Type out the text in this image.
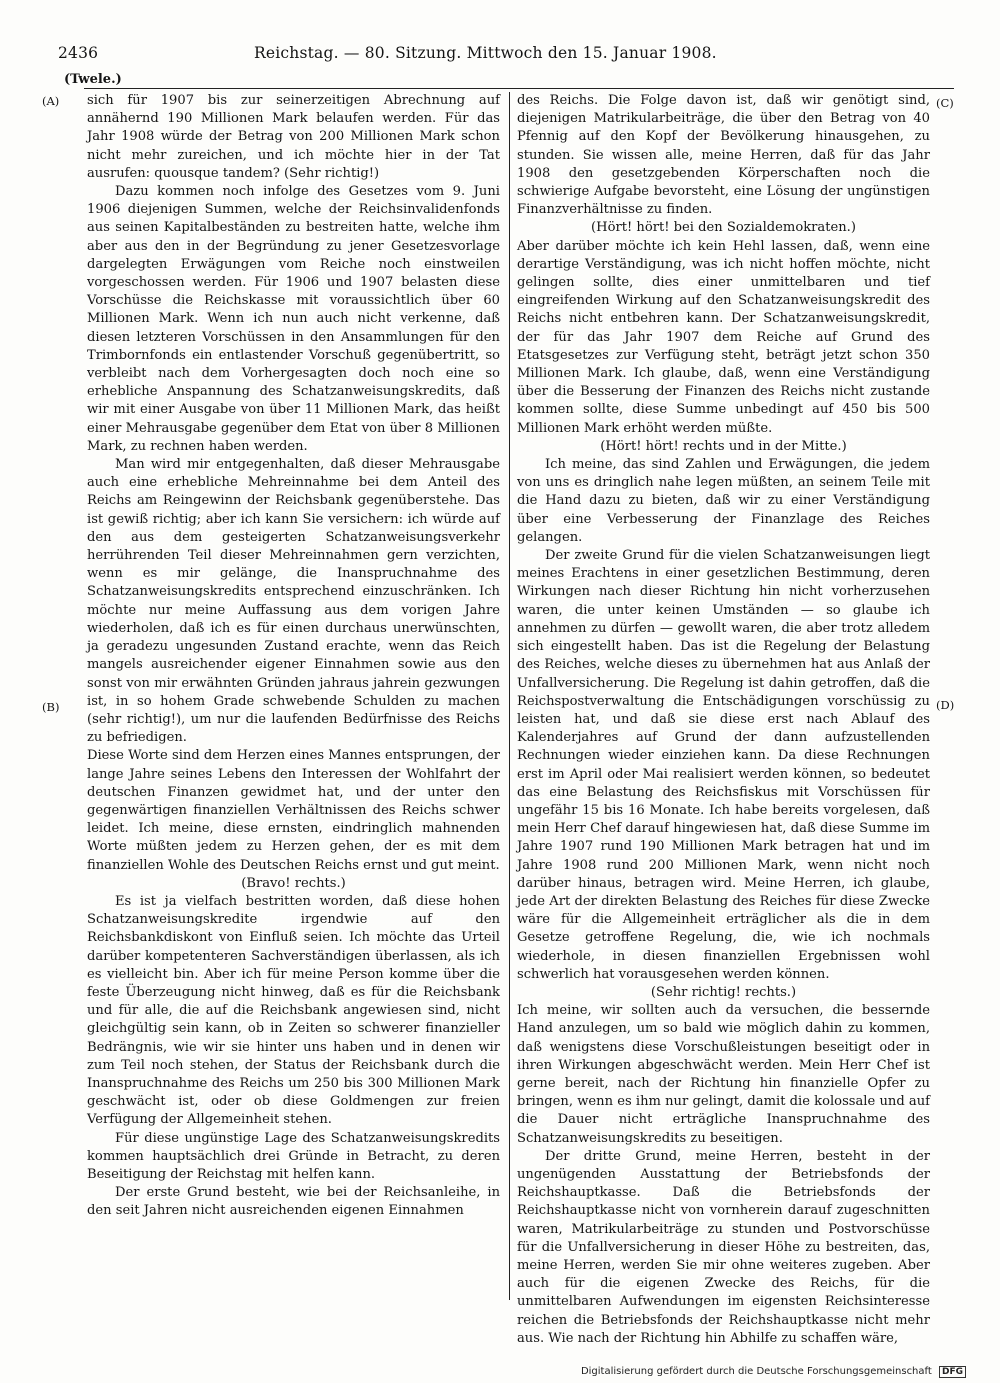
2436	Reichstag. — 80. Sitzung. Mittwoch den 15. Januar 1908.
(Twele.)
(A)
(B)
(C)
(D)

sich für 1907 bis zur seinerzeitigen Abrechnung auf annähernd 190 Millionen Mark belaufen werden. Für das Jahr 1908 würde der Betrag von 200 Millionen Mark schon nicht mehr zureichen, und ich möchte hier in der Tat ausrufen: quousque tandem? (Sehr richtig!)

Dazu kommen noch infolge des Gesetzes vom 9. Juni 1906 diejenigen Summen, welche der Reichsinvalidenfonds aus seinen Kapitalbeständen zu bestreiten hatte, welche ihm aber aus den in der Begründung zu jener Gesetzesvorlage dargelegten Erwägungen vom Reiche noch einstweilen vorgeschossen werden. Für 1906 und 1907 belasten diese Vorschüsse die Reichskasse mit voraussichtlich über 60 Millionen Mark. Wenn ich nun auch nicht verkenne, daß diesen letzteren Vorschüssen in den Ansammlungen für den Trimbornfonds ein entlastender Vorschuß gegenübertritt, so verbleibt nach dem Vorhergesagten doch noch eine so erhebliche Anspannung des Schatzanweisungskredits, daß wir mit einer Ausgabe von über 11 Millionen Mark, das heißt einer Mehrausgabe gegenüber dem Etat von über 8 Millionen Mark, zu rechnen haben werden.

Man wird mir entgegenhalten, daß dieser Mehrausgabe auch eine erhebliche Mehreinnahme bei dem Anteil des Reichs am Reingewinn der Reichsbank gegenüberstehe. Das ist gewiß richtig; aber ich kann Sie versichern: ich würde auf den aus dem gesteigerten Schatzanweisungsverkehr herrührenden Teil dieser Mehreinnahmen gern verzichten, wenn es mir gelänge, die Inanspruchnahme des Schatzanweisungskredits entsprechend einzuschränken. Ich möchte nur meine Auffassung aus dem vorigen Jahre wiederholen, daß ich es für einen durchaus unerwünschten, ja geradezu ungesunden Zustand erachte, wenn das Reich mangels ausreichender eigener Einnahmen sowie aus den sonst von mir erwähnten Gründen jahraus jahrein gezwungen ist, in so hohem Grade schwebende Schulden zu machen (sehr richtig!), um nur die laufenden Bedürfnisse des Reichs zu befriedigen.

Diese Worte sind dem Herzen eines Mannes entsprungen, der lange Jahre seines Lebens den Interessen der Wohlfahrt der deutschen Finanzen gewidmet hat, und der unter den gegenwärtigen finanziellen Verhältnissen des Reichs schwer leidet. Ich meine, diese ernsten, eindringlich mahnenden Worte müßten jedem zu Herzen gehen, der es mit dem finanziellen Wohle des Deutschen Reichs ernst und gut meint.

(Bravo! rechts.)

Es ist ja vielfach bestritten worden, daß diese hohen Schatzanweisungskredite irgendwie auf den Reichsbankdiskont von Einfluß seien. Ich möchte das Urteil darüber kompetenteren Sachverständigen überlassen, als ich es vielleicht bin. Aber ich für meine Person komme über die feste Überzeugung nicht hinweg, daß es für die Reichsbank und für alle, die auf die Reichsbank angewiesen sind, nicht gleichgültig sein kann, ob in Zeiten so schwerer finanzieller Bedrängnis, wie wir sie hinter uns haben und in denen wir zum Teil noch stehen, der Status der Reichsbank durch die Inanspruchnahme des Reichs um 250 bis 300 Millionen Mark geschwächt ist, oder ob diese Goldmengen zur freien Verfügung der Allgemeinheit stehen.

Für diese ungünstige Lage des Schatzanweisungskredits kommen hauptsächlich drei Gründe in Betracht, zu deren Beseitigung der Reichstag mit helfen kann.

Der erste Grund besteht, wie bei der Reichsanleihe, in den seit Jahren nicht ausreichenden eigenen Einnahmen

des Reichs. Die Folge davon ist, daß wir genötigt sind, diejenigen Matrikularbeiträge, die über den Betrag von 40 Pfennig auf den Kopf der Bevölkerung hinausgehen, zu stunden. Sie wissen alle, meine Herren, daß für das Jahr 1908 den gesetzgebenden Körperschaften noch die schwierige Aufgabe bevorsteht, eine Lösung der ungünstigen Finanzverhältnisse zu finden.

(Hört! hört! bei den Sozialdemokraten.)

Aber darüber möchte ich kein Hehl lassen, daß, wenn eine derartige Verständigung, was ich nicht hoffen möchte, nicht gelingen sollte, dies einer unmittelbaren und tief eingreifenden Wirkung auf den Schatzanweisungskredit des Reichs nicht entbehren kann. Der Schatzanweisungskredit, der für das Jahr 1907 dem Reiche auf Grund des Etatsgesetzes zur Verfügung steht, beträgt jetzt schon 350 Millionen Mark. Ich glaube, daß, wenn eine Verständigung über die Besserung der Finanzen des Reichs nicht zustande kommen sollte, diese Summe unbedingt auf 450 bis 500 Millionen Mark erhöht werden müßte.

(Hört! hört! rechts und in der Mitte.)

Ich meine, das sind Zahlen und Erwägungen, die jedem von uns es dringlich nahe legen müßten, an seinem Teile mit die Hand dazu zu bieten, daß wir zu einer Verständigung über eine Verbesserung der Finanzlage des Reiches gelangen.

Der zweite Grund für die vielen Schatzanweisungen liegt meines Erachtens in einer gesetzlichen Bestimmung, deren Wirkungen nach dieser Richtung hin nicht vorherzusehen waren, die unter keinen Umständen — so glaube ich annehmen zu dürfen — gewollt waren, die aber trotz alledem sich eingestellt haben. Das ist die Regelung der Belastung des Reiches, welche dieses zu übernehmen hat aus Anlaß der Unfallversicherung. Die Regelung ist dahin getroffen, daß die Reichspostverwaltung die Entschädigungen vorschüssig zu leisten hat, und daß sie diese erst nach Ablauf des Kalenderjahres auf Grund der dann aufzustellenden Rechnungen wieder einziehen kann. Da diese Rechnungen erst im April oder Mai realisiert werden können, so bedeutet das eine Belastung des Reichsfiskus mit Vorschüssen für ungefähr 15 bis 16 Monate. Ich habe bereits vorgelesen, daß mein Herr Chef darauf hingewiesen hat, daß diese Summe im Jahre 1907 rund 190 Millionen Mark betragen hat und im Jahre 1908 rund 200 Millionen Mark, wenn nicht noch darüber hinaus, betragen wird. Meine Herren, ich glaube, jede Art der direkten Belastung des Reiches für diese Zwecke wäre für die Allgemeinheit erträglicher als die in dem Gesetze getroffene Regelung, die, wie ich nochmals wiederhole, in diesen finanziellen Ergebnissen wohl schwerlich hat vorausgesehen werden können.

(Sehr richtig! rechts.)

Ich meine, wir sollten auch da versuchen, die bessernde Hand anzulegen, um so bald wie möglich dahin zu kommen, daß wenigstens diese Vorschußleistungen beseitigt oder in ihren Wirkungen abgeschwächt werden. Mein Herr Chef ist gerne bereit, nach der Richtung hin finanzielle Opfer zu bringen, wenn es ihm nur gelingt, damit die kolossale und auf die Dauer nicht erträgliche Inanspruchnahme des Schatzanweisungskredits zu beseitigen.

Der dritte Grund, meine Herren, besteht in der ungenügenden Ausstattung der Betriebsfonds der Reichshauptkasse. Daß die Betriebsfonds der Reichshauptkasse nicht von vornherein darauf zugeschnitten waren, Matrikularbeiträge zu stunden und Postvorschüsse für die Unfallversicherung in dieser Höhe zu bestreiten, das, meine Herren, werden Sie mir ohne weiteres zugeben. Aber auch für die eigenen Zwecke des Reichs, für die unmittelbaren Aufwendungen im eigensten Reichsinteresse reichen die Betriebsfonds der Reichshauptkasse nicht mehr aus. Wie nach der Richtung hin Abhilfe zu schaffen wäre,

Digitalisierung gefördert durch die Deutsche Forschungsgemeinschaft DFG
